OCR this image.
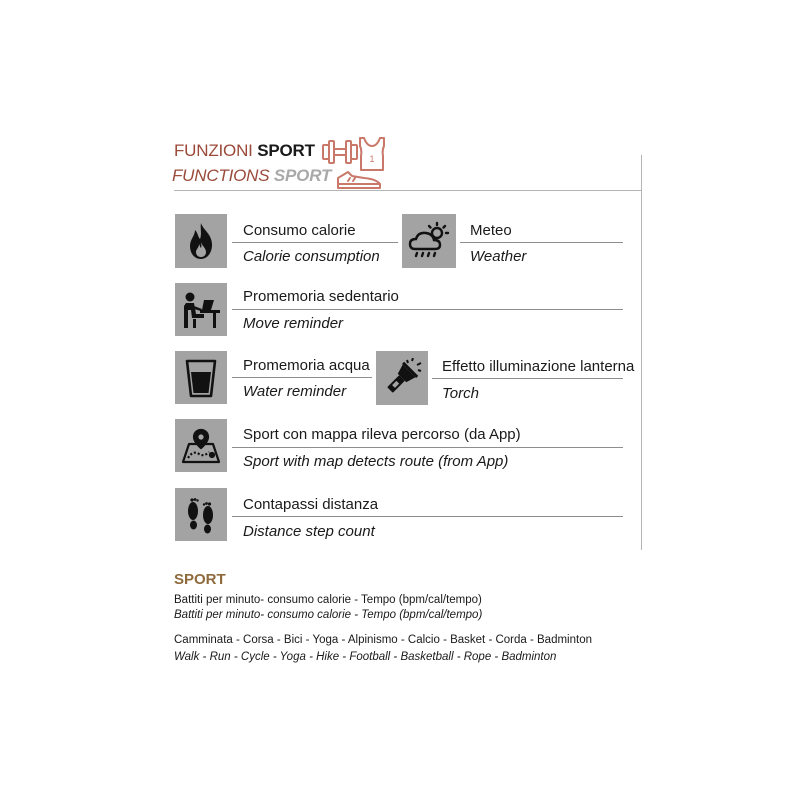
FUNZIONI SPORT
FUNCTIONS SPORT
1
Consumo calorie
Calorie consumption
Meteo
Weather
Promemoria sedentario
Move reminder
Promemoria acqua
Water reminder
Effetto illuminazione lanterna
Torch
Sport con mappa rileva percorso (da App)
Sport with map detects route (from App)
Contapassi distanza
Distance step count
SPORT
Battiti per minuto- consumo calorie - Tempo (bpm/cal/tempo)
Battiti per minuto- consumo calorie - Tempo (bpm/cal/tempo)
Camminata - Corsa - Bici - Yoga - Alpinismo - Calcio - Basket - Corda - Badminton
Walk - Run - Cycle - Yoga - Hike - Football - Basketball - Rope - Badminton
